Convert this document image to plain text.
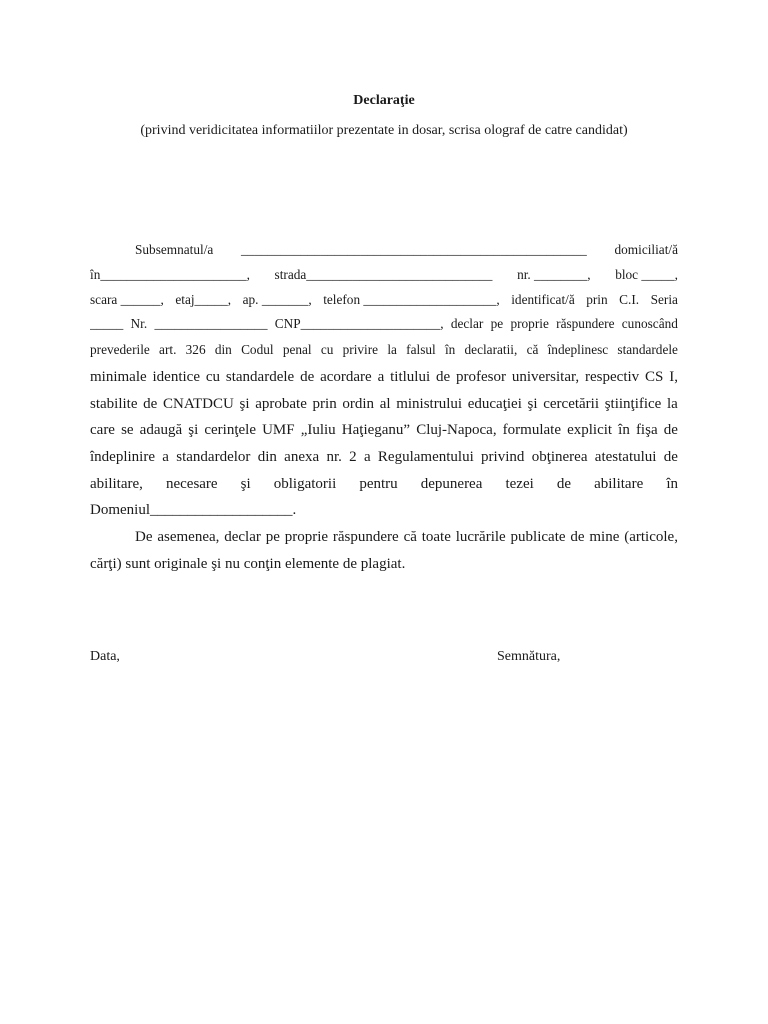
Declaraţie
(privind veridicitatea informatiilor prezentate in dosar, scrisa olograf de catre candidat)
Subsemnatul/a ____________________________________________________ domiciliat/ă
în______________________, strada____________________________ nr. ________, bloc _____,
scara ______, etaj_____, ap. _______, telefon ____________________, identificat/ă prin C.I. Seria
_____ Nr. _________________ CNP_____________________, declar pe proprie răspundere cunoscând
prevederile art. 326 din Codul penal cu privire la falsul în declaratii, că îndeplinesc standardele
minimale identice cu standardele de acordare a titlului de profesor universitar, respectiv CS I,
stabilite de CNATDCU şi aprobate prin ordin al ministrului educaţiei şi cercetării ştiinţifice la
care se adaugă şi cerinţele UMF „Iuliu Haţieganu” Cluj-Napoca, formulate explicit în fişa de
îndeplinire a standardelor din anexa nr. 2 a Regulamentului privind obţinerea atestatului de
abilitare, necesare şi obligatorii pentru depunerea tezei de abilitare în
Domeniul___________________.
De asemenea, declar pe proprie răspundere că toate lucrările publicate de mine (articole,
cărţi) sunt originale şi nu conţin elemente de plagiat.
Data,	Semnătura,
